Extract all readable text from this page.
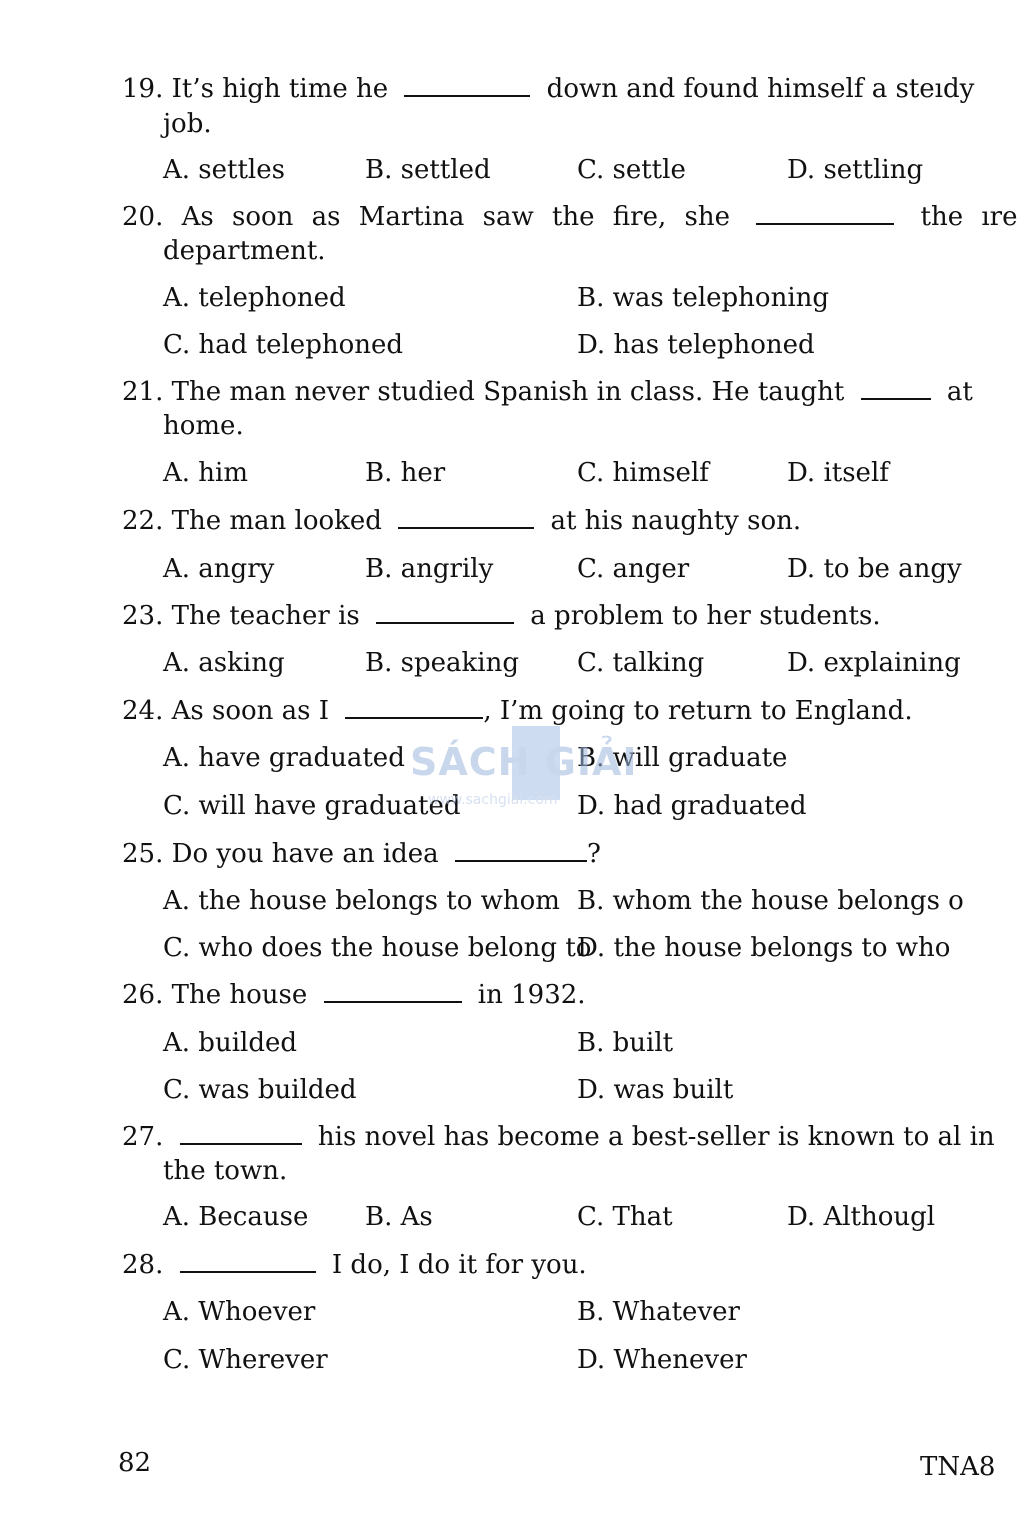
19. It’s high time he	down and found himself a steıdy
job.
A. settles	B. settled	C. settle	D. settling
20. As soon as Martina saw the fire, she	the ıre
department.
A. telephoned	B. was telephoning
C. had telephoned	D. has telephoned
21. The man never studied Spanish in class. He taught	at
home.
A. him	B. her	C. himself	D. itself
22. The man looked	at his naughty son.
A. angry	B. angrily	C. anger	D. to be angy
23. The teacher is	a problem to her students.
A. asking	B. speaking C. talking	D. explaining
24. As soon as I	, I’m going to return to England.
A. have graduated	B. will graduate
C. will have graduated	D. had graduated
25. Do you have an idea	?
A. the house belongs to whom B. whom the house belongs o
C. who does the house belong to
D. the house belongs to who
26. The house	in 1932.
A. builded	B. built
C. was builded	D. was built
27.	his novel has become a best-seller is known to al in
the town.
A. Because B. As	C. That	D. Althougl
28.	I do, I do it for you.
A. Whoever	B. Whatever
C. Wherever	D. Whenever
SÁCH GIẢI
www.sachgiai.com
82	TNA8
